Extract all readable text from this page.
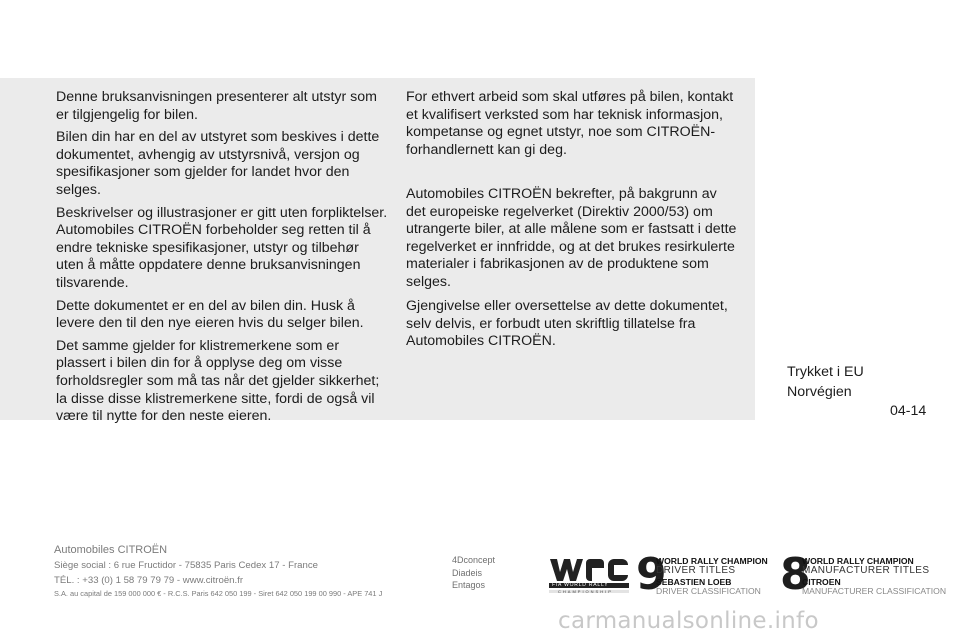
Denne bruksanvisningen presenterer alt utstyr som
er tilgjengelig for bilen.

Bilen din har en del av utstyret som beskives i dette
dokumentet, avhengig av utstyrsnivå, versjon og
spesifikasjoner som gjelder for landet hvor den
selges.

Beskrivelser og illustrasjoner er gitt uten forpliktelser.
Automobiles CITROËN forbeholder seg retten til å
endre tekniske spesifikasjoner, utstyr og tilbehør
uten å måtte oppdatere denne bruksanvisningen
tilsvarende.

Dette dokumentet er en del av bilen din. Husk å
levere den til den nye eieren hvis du selger bilen.

Det samme gjelder for klistremerkene som er
plassert i bilen din for å opplyse deg om visse
forholdsregler som må tas når det gjelder sikkerhet;
la disse disse klistremerkene sitte, fordi de også vil
være til nytte for den neste eieren.

For ethvert arbeid som skal utføres på bilen, kontakt
et kvalifisert verksted som har teknisk informasjon,
kompetanse og egnet utstyr, noe som CITROËN-
forhandlernett kan gi deg.

Automobiles CITROËN bekrefter, på bakgrunn av
det europeiske regelverket (Direktiv 2000/53) om
utrangerte biler, at alle målene som er fastsatt i dette
regelverket er innfridde, og at det brukes resirkulerte
materialer i fabrikasjonen av de produktene som
selges.

Gjengivelse eller oversettelse av dette dokumentet,
selv delvis, er forbudt uten skriftlig tillatelse fra
Automobiles CITROËN.

Trykket i EU
Norvégien
04-14
Automobiles CITROËN
Siège social : 6 rue Fructidor - 75835 Paris Cedex 17 - France
TÉL. : +33 (0) 1 58 79 79 79 - www.citroën.fr
S.A. au capital de 159 000 000 € - R.C.S. Paris 642 050 199 - Siret 642 050 199 00 990 - APE 741 J
4Dconcept
Diadeis
Entagos	FIA WORLD RALLY
CHAMPIONSHIP 9
WORLD RALLY CHAMPION
DRIVER TITLES
SEBASTIEN LOEB
DRIVER CLASSIFICATION 8
WORLD RALLY CHAMPION
MANUFACTURER TITLES
CITROEN
MANUFACTURER CLASSIFICATION
carmanualsonline.info
